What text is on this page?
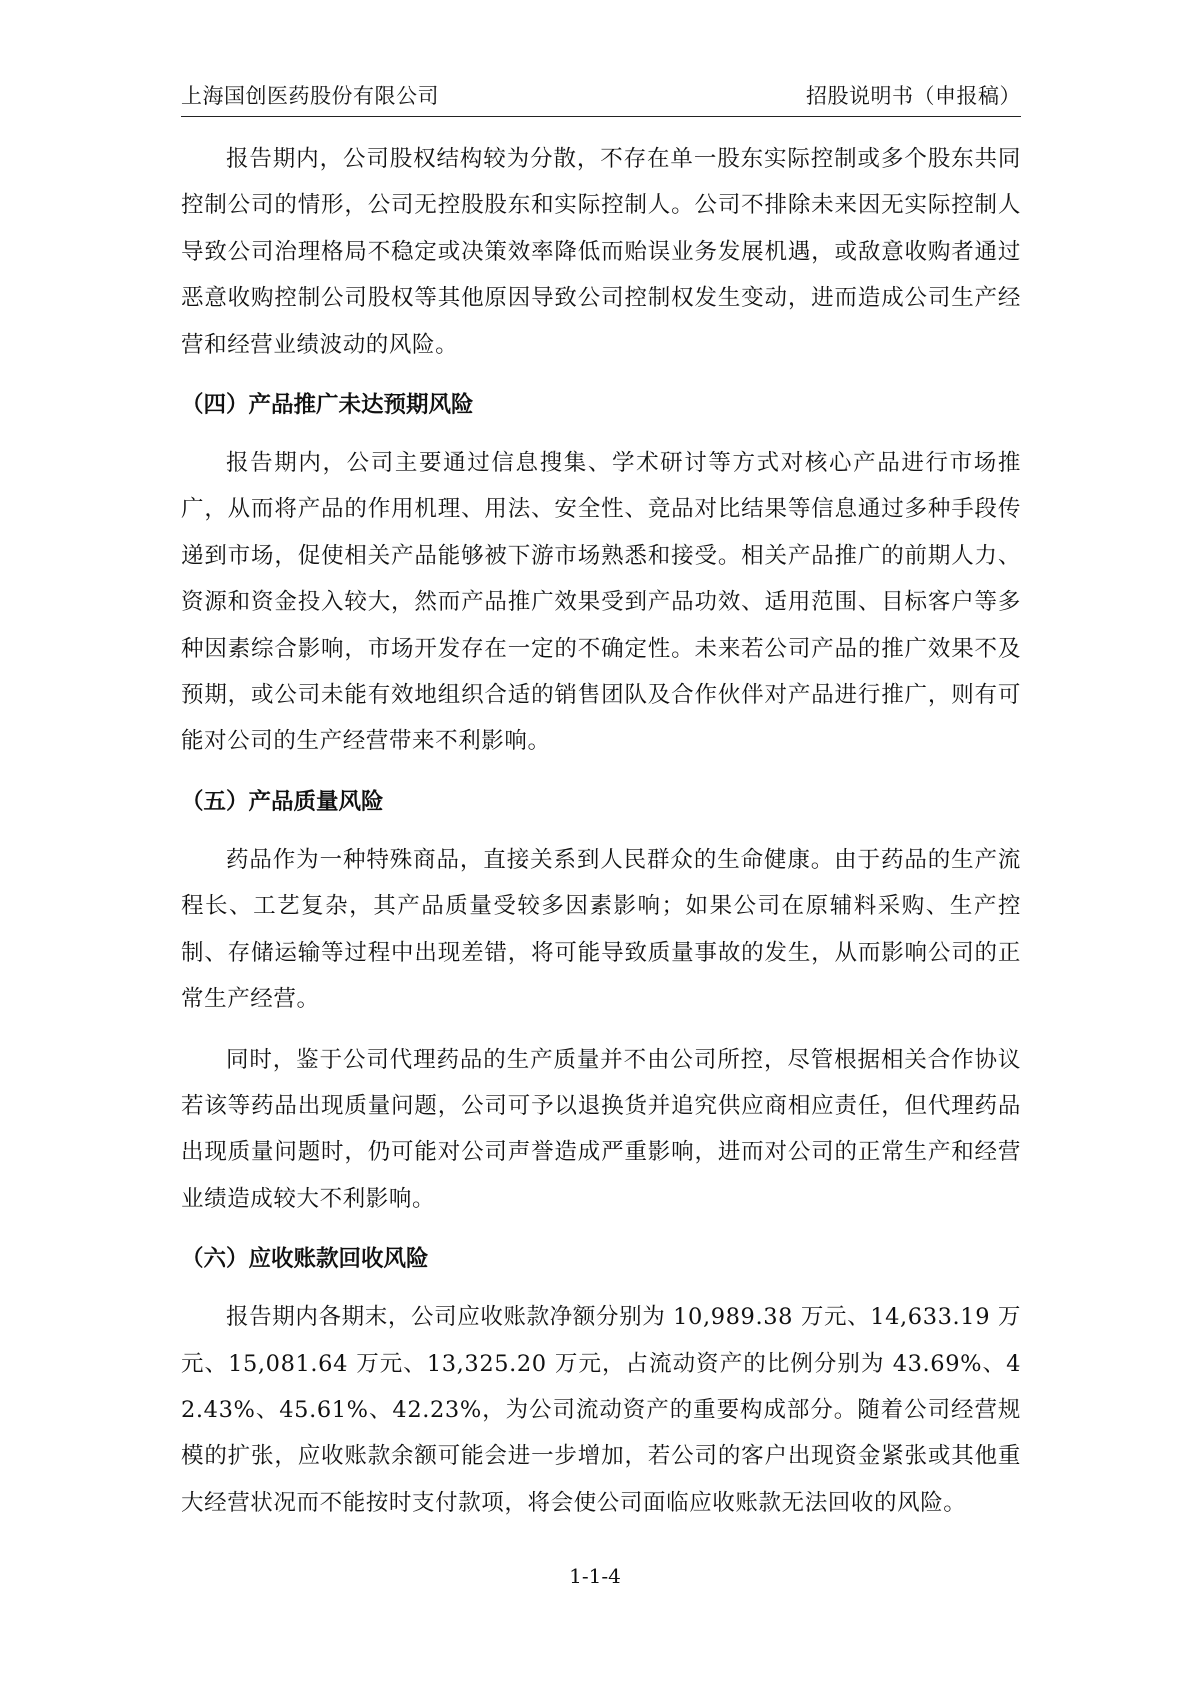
上海国创医药股份有限公司	招股说明书（申报稿）

报告期内，公司股权结构较为分散，不存在单一股东实际控制或多个股东共同控制公司的情形，公司无控股股东和实际控制人。公司不排除未来因无实际控制人导致公司治理格局不稳定或决策效率降低而贻误业务发展机遇，或敌意收购者通过恶意收购控制公司股权等其他原因导致公司控制权发生变动，进而造成公司生产经营和经营业绩波动的风险。

（四）产品推广未达预期风险

报告期内，公司主要通过信息搜集、学术研讨等方式对核心产品进行市场推广，从而将产品的作用机理、用法、安全性、竞品对比结果等信息通过多种手段传递到市场，促使相关产品能够被下游市场熟悉和接受。相关产品推广的前期人力、资源和资金投入较大，然而产品推广效果受到产品功效、适用范围、目标客户等多种因素综合影响，市场开发存在一定的不确定性。未来若公司产品的推广效果不及预期，或公司未能有效地组织合适的销售团队及合作伙伴对产品进行推广，则有可能对公司的生产经营带来不利影响。

（五）产品质量风险

药品作为一种特殊商品，直接关系到人民群众的生命健康。由于药品的生产流程长、工艺复杂，其产品质量受较多因素影响；如果公司在原辅料采购、生产控制、存储运输等过程中出现差错，将可能导致质量事故的发生，从而影响公司的正常生产经营。

同时，鉴于公司代理药品的生产质量并不由公司所控，尽管根据相关合作协议若该等药品出现质量问题，公司可予以退换货并追究供应商相应责任，但代理药品出现质量问题时，仍可能对公司声誉造成严重影响，进而对公司的正常生产和经营业绩造成较大不利影响。

（六）应收账款回收风险

报告期内各期末，公司应收账款净额分别为 10,989.38 万元、14,633.19 万元、15,081.64 万元、13,325.20 万元，占流动资产的比例分别为 43.69%、42.43%、45.61%、42.23%，为公司流动资产的重要构成部分。随着公司经营规模的扩张，应收账款余额可能会进一步增加，若公司的客户出现资金紧张或其他重大经营状况而不能按时支付款项，将会使公司面临应收账款无法回收的风险。

1-1-4
